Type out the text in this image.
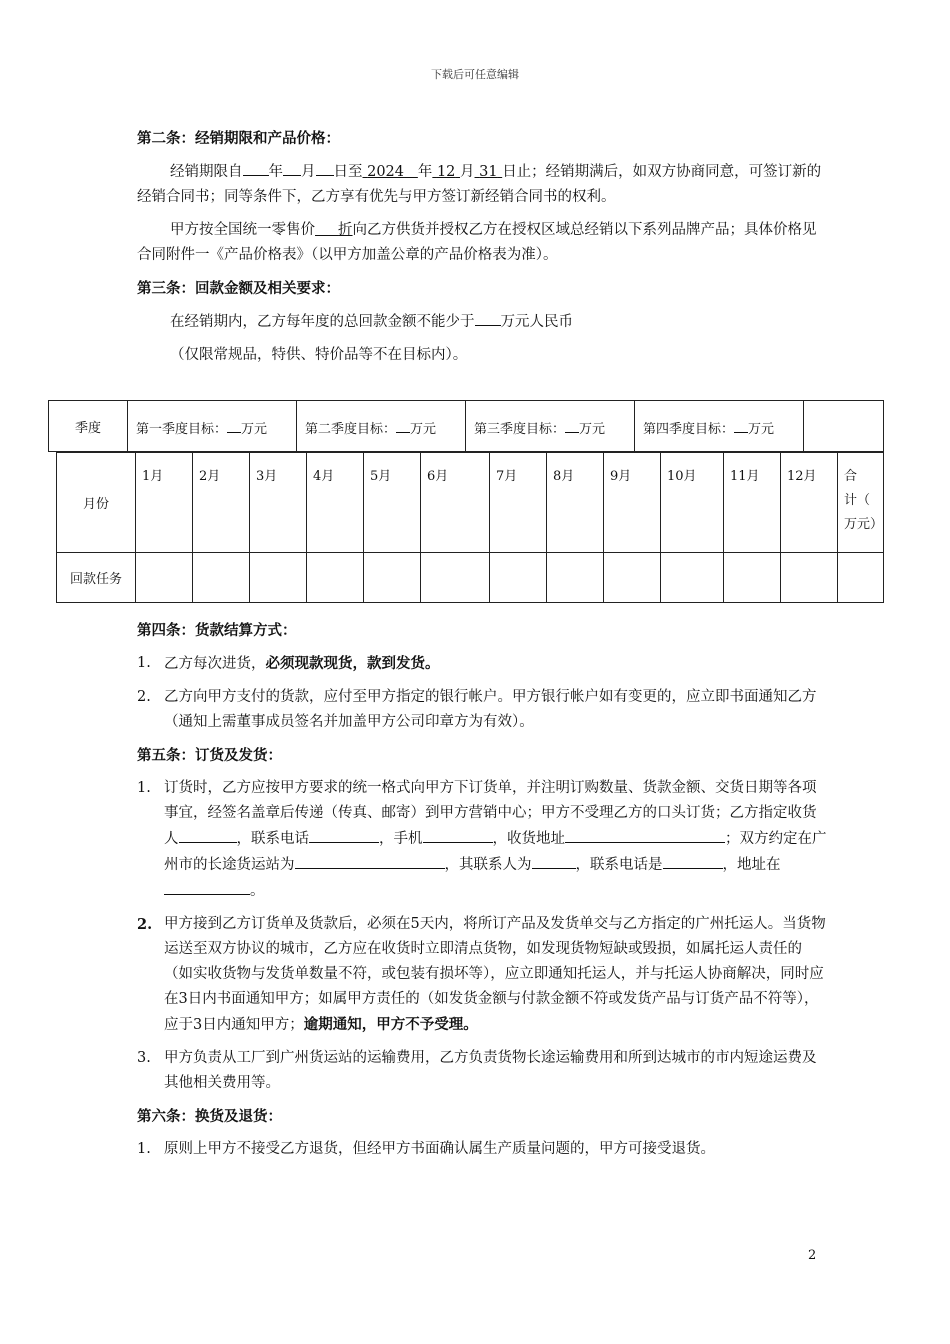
下载后可任意编辑
第二条：经销期限和产品价格：

经销期限自 年 月 日至 2024 年 12 月 31 日止；经销期满后，如双方协商同意，可签订新的经销合同书；同等条件下，乙方享有优先与甲方签订新经销合同书的权利。

甲方按全国统一零售价 折向乙方供货并授权乙方在授权区域总经销以下系列品牌产品；具体价格见合同附件一《产品价格表》（以甲方加盖公章的产品价格表为准）。

第三条：回款金额及相关要求：

在经销期内，乙方每年度的总回款金额不能少于 万元人民币

（仅限常规品，特供、特价品等不在目标内）。

季度	第一季度目标： 万元	第二季度目标： 万元	第三季度目标： 万元	第四季度目标： 万元	
月份	1月	2月	3月	4月	5月	6月	7月	8月	9月	10月	11月	12月	合　计（　万元）
回款任务													
第四条：货款结算方式：
1. 乙方每次进货，必须现款现货，款到发货。
2. 乙方向甲方支付的货款，应付至甲方指定的银行帐户。甲方银行帐户如有变更的，应立即书面通知乙方（通知上需董事成员签名并加盖甲方公司印章方为有效）。
第五条：订货及发货：
1. 订货时，乙方应按甲方要求的统一格式向甲方下订货单，并注明订购数量、货款金额、交货日期等各项事宜，经签名盖章后传递（传真、邮寄）到甲方营销中心；甲方不受理乙方的口头订货；乙方指定收货人	，联系电话	，手机	，收货地址	；双方约定在广州市的长途货运站为	，其联系人为	，联系电话是	，地址在。
2. 甲方接到乙方订货单及货款后，必须在5天内，将所订产品及发货单交与乙方指定的广州托运人。当货物运送至双方协议的城市，乙方应在收货时立即清点货物，如发现货物短缺或毁损，如属托运人责任的（如实收货物与发货单数量不符，或包装有损坏等），应立即通知托运人，并与托运人协商解决，同时应在3日内书面通知甲方；如属甲方责任的（如发货金额与付款金额不符或发货产品与订货产品不符等），应于3日内通知甲方；逾期通知，甲方不予受理。
3. 甲方负责从工厂到广州货运站的运输费用，乙方负责货物长途运输费用和所到达城市的市内短途运费及其他相关费用等。
第六条：换货及退货：
1. 原则上甲方不接受乙方退货，但经甲方书面确认属生产质量问题的，甲方可接受退货。
2
